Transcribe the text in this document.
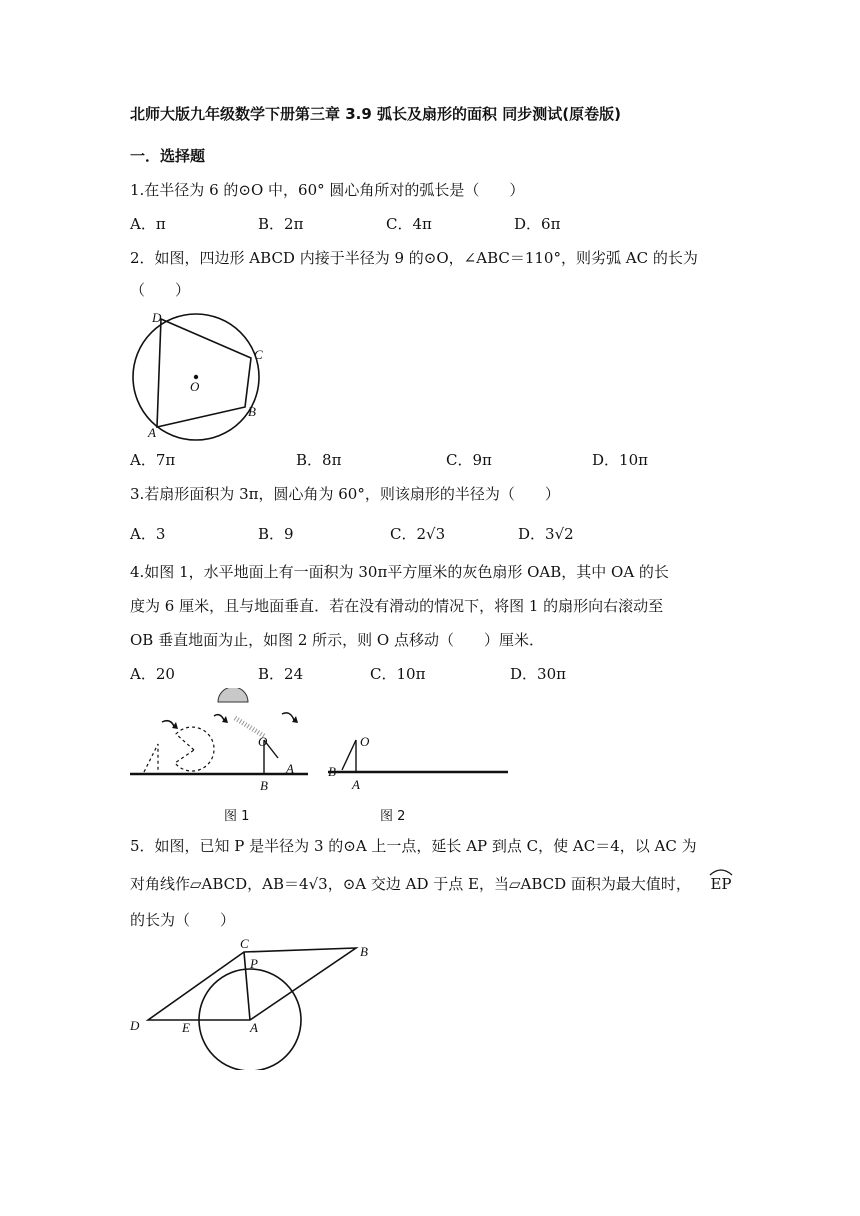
北师大版九年级数学下册第三章 3.9 弧长及扇形的面积 同步测试(原卷版)
一．选择题
1.在半径为 6 的⊙O 中，60° 圆心角所对的弧长是（　　）
A．π	B．2π	C．4π	D．6π
2．如图，四边形 ABCD 内接于半径为 9 的⊙O，∠ABC＝110°，则劣弧 AC 的长为
（　　）
D
C
O
B
A
A．7π	B．8π	C．9π	D．10π
3.若扇形面积为 3π，圆心角为 60°，则该扇形的半径为（　　）
A．3	B．9	C．2√3	D．3√2
4.如图 1，水平地面上有一面积为 30π平方厘米的灰色扇形 OAB，其中 OA 的长
度为 6 厘米，且与地面垂直．若在没有滑动的情况下，将图 1 的扇形向右滚动至
OB 垂直地面为止，如图 2 所示，则 O 点移动（　　）厘米．
A．20	B．24	C．10π	D．30π
O
A
B
图 1
O
B
A
图 2
5．如图，已知 P 是半径为 3 的⊙A 上一点，延长 AP 到点 C，使 AC＝4，以 AC 为
对角线作▱ABCD，AB＝4√3，⊙A 交边 AD 于点 E，当▱ABCD 面积为最大值时， EP
的长为（　　）
C
B
P
D	E	A
